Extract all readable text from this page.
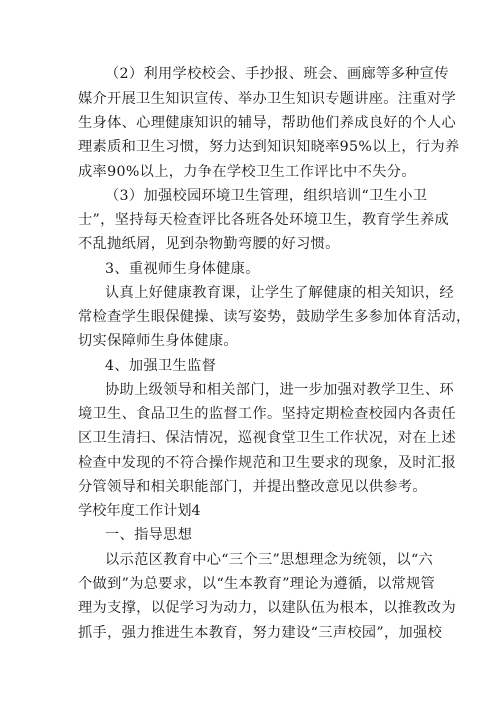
（2）利用学校校会、手抄报、班会、画廊等多种宣传
媒介开展卫生知识宣传、举办卫生知识专题讲座。注重对学
生身体、心理健康知识的辅导，帮助他们养成良好的个人心
理素质和卫生习惯，努力达到知识知晓率95%以上，行为养
成率90%以上，力争在学校卫生工作评比中不失分。
（3）加强校园环境卫生管理，组织培训“卫生小卫
士”，坚持每天检查评比各班各处环境卫生，教育学生养成
不乱抛纸屑，见到杂物勤弯腰的好习惯。
3、重视师生身体健康。
认真上好健康教育课，让学生了解健康的相关知识，经
常检查学生眼保健操、读写姿势，鼓励学生多参加体育活动，
切实保障师生身体健康。
4、加强卫生监督
协助上级领导和相关部门，进一步加强对教学卫生、环
境卫生、食品卫生的监督工作。坚持定期检查校园内各责任
区卫生清扫、保洁情况，巡视食堂卫生工作状况，对在上述
检查中发现的不符合操作规范和卫生要求的现象，及时汇报
分管领导和相关职能部门，并提出整改意见以供参考。
学校年度工作计划4
一、指导思想
以示范区教育中心“三个三”思想理念为统领，以“六
个做到”为总要求，以“生本教育”理论为遵循，以常规管
理为支撑，以促学习为动力，以建队伍为根本，以推教改为
抓手，强力推进生本教育，努力建设“三声校园”，加强校
